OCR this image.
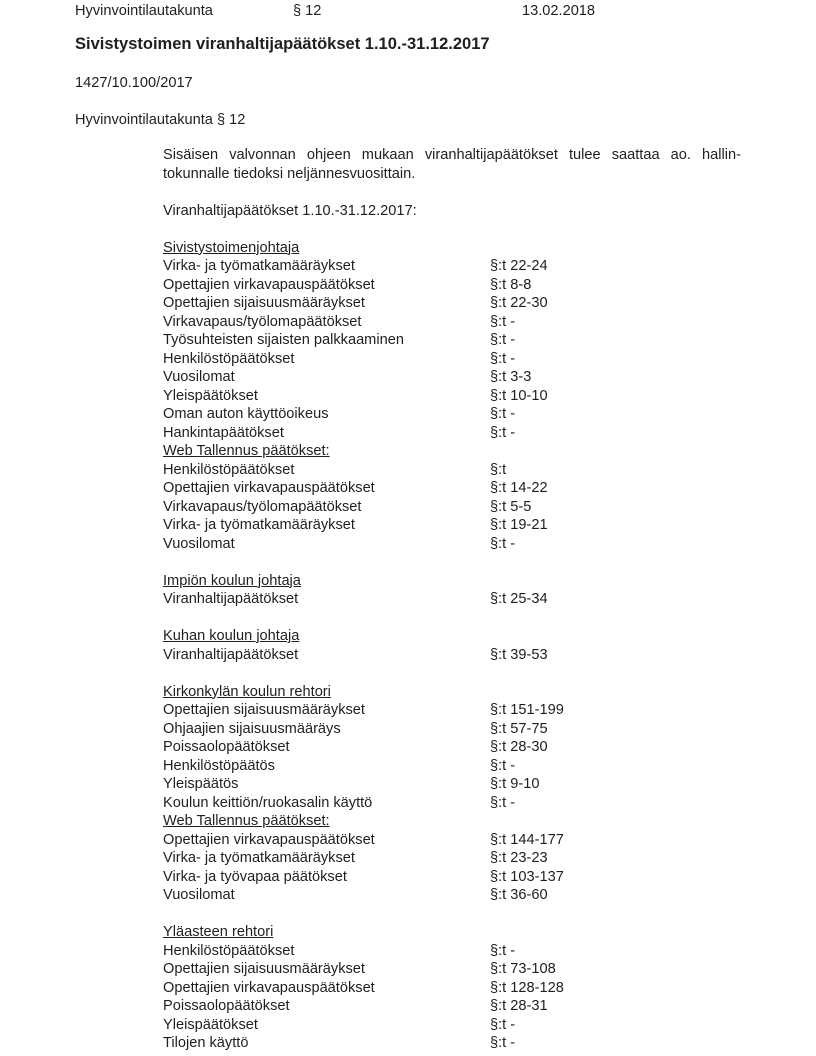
Hyvinvointilautakunta	§ 12	13.02.2018
Sivistystoimen viranhaltijapäätökset 1.10.-31.12.2017
1427/10.100/2017
Hyvinvointilautakunta § 12
Sisäisen valvonnan ohjeen mukaan viranhaltijapäätökset tulee saattaa ao. hallin-
tokunnalle tiedoksi neljännesvuosittain.
Viranhaltijapäätökset 1.10.-31.12.2017:
Sivistystoimenjohtaja
Virka- ja työmatkamääräykset	§:t 22-24
Opettajien virkavapauspäätökset	§:t 8-8
Opettajien sijaisuusmääräykset	§:t 22-30
Virkavapaus/työlomapäätökset	§:t -
Työsuhteisten sijaisten palkkaaminen	§:t -
Henkilöstöpäätökset	§:t -
Vuosilomat	§:t 3-3
Yleispäätökset	§:t 10-10
Oman auton käyttöoikeus	§:t -
Hankintapäätökset	§:t -
Web Tallennus päätökset:
Henkilöstöpäätökset	§:t
Opettajien virkavapauspäätökset	§:t 14-22
Virkavapaus/työlomapäätökset	§:t 5-5
Virka- ja työmatkamääräykset	§:t 19-21
Vuosilomat	§:t -
Impiön koulun johtaja
Viranhaltijapäätökset	§:t 25-34
Kuhan koulun johtaja
Viranhaltijapäätökset	§:t 39-53
Kirkonkylän koulun rehtori
Opettajien sijaisuusmääräykset	§:t 151-199
Ohjaajien sijaisuusmääräys	§:t 57-75
Poissaolopäätökset	§:t 28-30
Henkilöstöpäätös	§:t -
Yleispäätös	§:t 9-10
Koulun keittiön/ruokasalin käyttö	§:t -
Web Tallennus päätökset:
Opettajien virkavapauspäätökset	§:t 144-177
Virka- ja työmatkamääräykset	§:t 23-23
Virka- ja työvapaa päätökset	§:t 103-137
Vuosilomat	§:t 36-60
Yläasteen rehtori
Henkilöstöpäätökset	§:t -
Opettajien sijaisuusmääräykset	§:t 73-108
Opettajien virkavapauspäätökset	§:t 128-128
Poissaolopäätökset	§:t 28-31
Yleispäätökset	§:t -
Tilojen käyttö	§:t -
